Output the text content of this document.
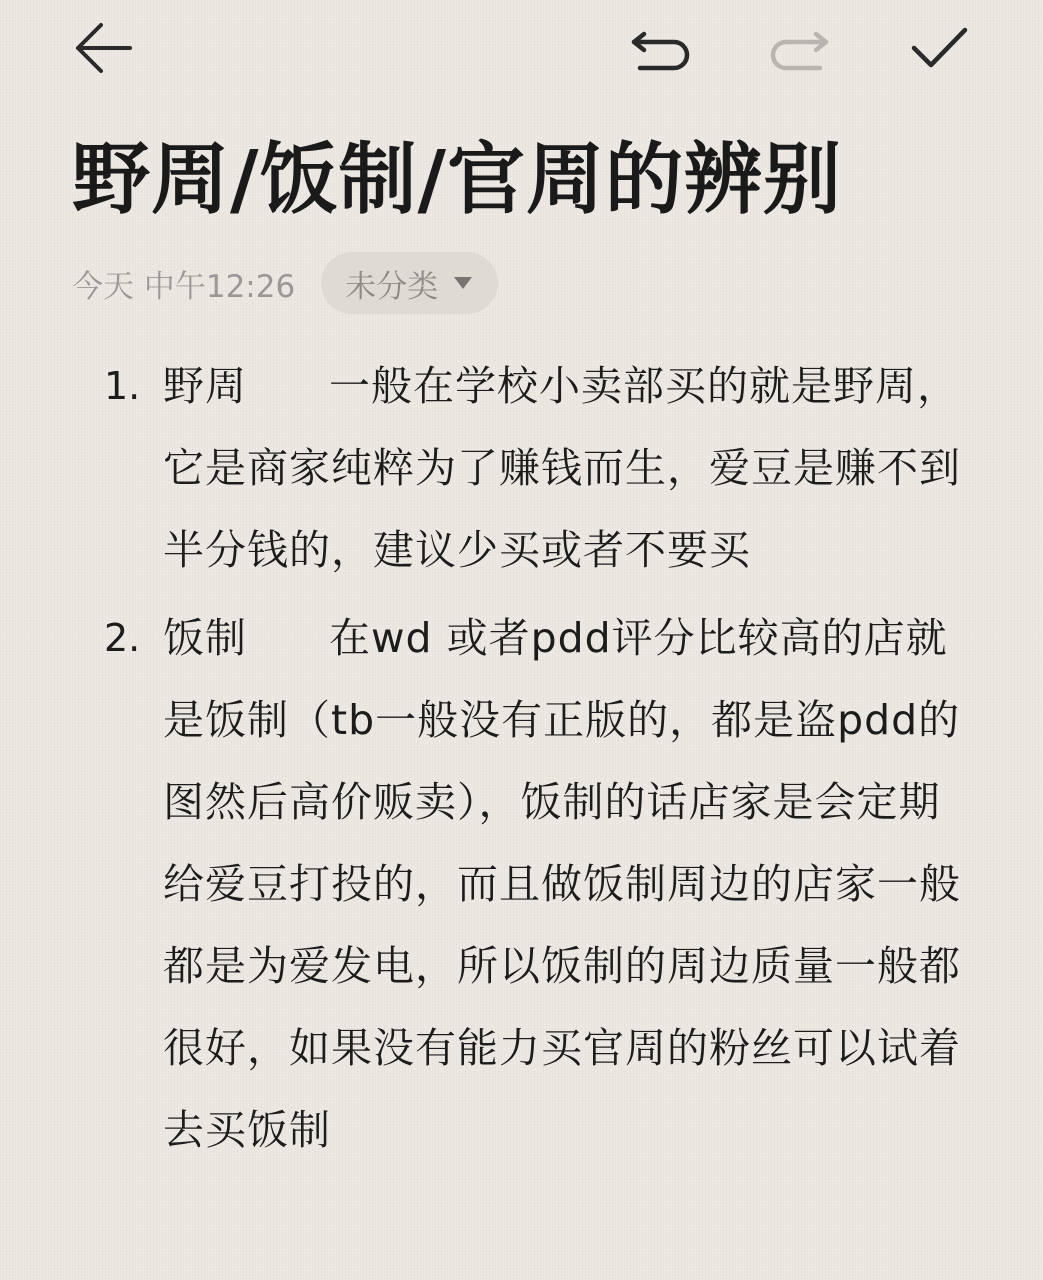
野周/饭制/官周的辨别
今天 中午12:26 未分类
1. 野周 一般在学校小卖部买的就是野周，它是商家纯粹为了赚钱而生，爱豆是赚不到半分钱的，建议少买或者不要买
2. 饭制 在wd 或者pdd评分比较高的店就是饭制（tb一般没有正版的，都是盗pdd的图然后高价贩卖），饭制的话店家是会定期给爱豆打投的，而且做饭制周边的店家一般都是为爱发电，所以饭制的周边质量一般都很好，如果没有能力买官周的粉丝可以试着去买饭制
